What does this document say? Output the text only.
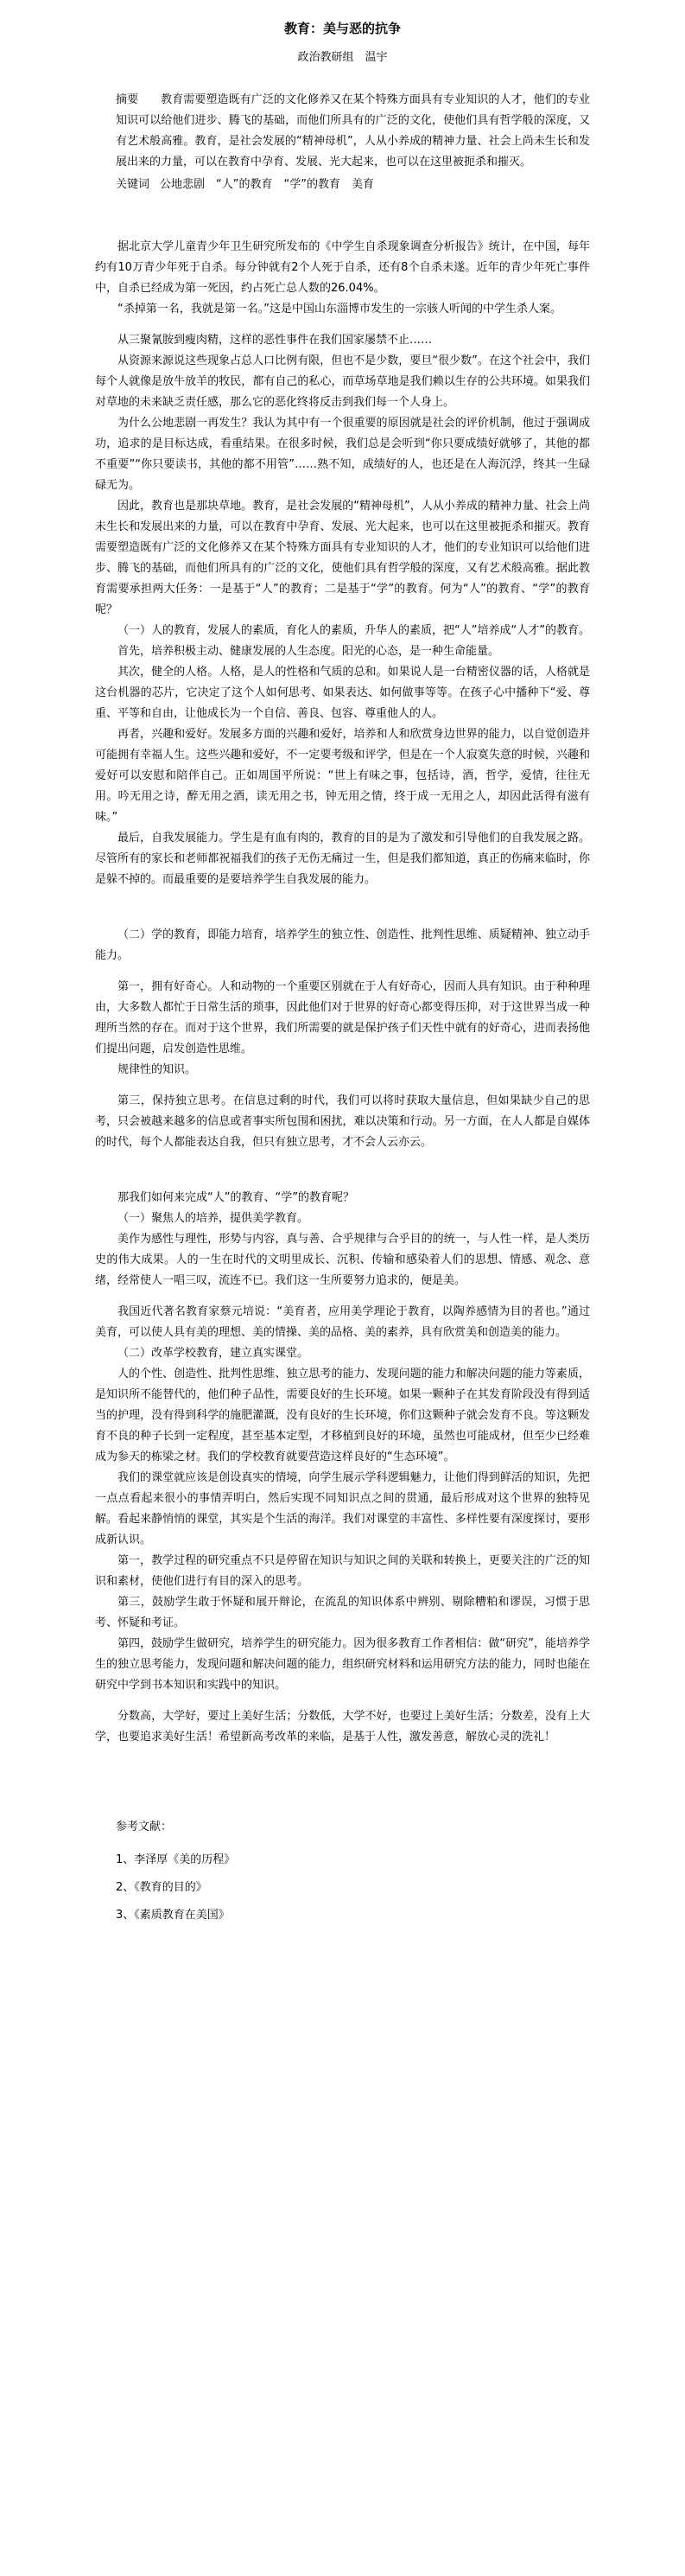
教育：美与恶的抗争
政治教研组　温宇

摘要 教育需要塑造既有广泛的文化修养又在某个特殊方面具有专业知识的人才，他们的专业知识可以给他们进步、腾飞的基础，而他们所具有的广泛的文化，使他们具有哲学般的深度，又有艺术般高雅。教育，是社会发展的“精神母机”，人从小养成的精神力量、社会上尚未生长和发展出来的力量，可以在教育中孕育、发展、光大起来，也可以在这里被扼杀和摧灭。

关键词 公地悲剧　“人”的教育　“学”的教育　美育

据北京大学儿童青少年卫生研究所发布的《中学生自杀现象调查分析报告》统计，在中国，每年约有10万青少年死于自杀。每分钟就有2个人死于自杀，还有8个自杀未遂。近年的青少年死亡事件中，自杀已经成为第一死因，约占死亡总人数的26.04%。

“杀掉第一名，我就是第一名。”这是中国山东淄博市发生的一宗骇人听闻的中学生杀人案。

从三聚氰胺到瘦肉精，这样的恶性事件在我们国家屡禁不止……

从资源来源说这些现象占总人口比例有限，但也不是少数，要旦“很少数”。在这个社会中，我们每个人就像是放牛放羊的牧民，都有自己的私心，而草场草地是我们赖以生存的公共环境。如果我们对草地的未来缺乏责任感，那么它的恶化终将反击到我们每一个人身上。

为什么公地悲剧一再发生？我认为其中有一个很重要的原因就是社会的评价机制，他过于强调成功，追求的是目标达成，看重结果。在很多时候，我们总是会听到“你只要成绩好就够了，其他的都不重要”“你只要读书，其他的都不用管”……熟不知，成绩好的人，也还是在人海沉浮，终其一生碌碌无为。

因此，教育也是那块草地。教育，是社会发展的“精神母机”，人从小养成的精神力量、社会上尚未生长和发展出来的力量，可以在教育中孕育、发展、光大起来，也可以在这里被扼杀和摧灭。教育需要塑造既有广泛的文化修养又在某个特殊方面具有专业知识的人才，他们的专业知识可以给他们进步、腾飞的基础，而他们所具有的广泛的文化，使他们具有哲学般的深度，又有艺术般高雅。据此教育需要承担两大任务：一是基于“人”的教育；二是基于“学”的教育。何为“人”的教育、“学”的教育呢？

（一）人的教育，发展人的素质，育化人的素质，升华人的素质，把“人”培养成“人才”的教育。

首先，培养积极主动、健康发展的人生态度。阳光的心态，是一种生命能量。

其次，健全的人格。人格，是人的性格和气质的总和。如果说人是一台精密仪器的话，人格就是这台机器的芯片，它决定了这个人如何思考、如果表达、如何做事等等。在孩子心中播种下“爱、尊重、平等和自由，让他成长为一个自信、善良、包容、尊重他人的人。

再者，兴趣和爱好。发展多方面的兴趣和爱好，培养和人和欣赏身边世界的能力，以自觉创造并可能拥有幸福人生。这些兴趣和爱好，不一定要考级和评学，但是在一个人寂寞失意的时候，兴趣和爱好可以安慰和陪伴自己。正如周国平所说：“世上有味之事，包括诗，酒，哲学，爱情，往往无用。吟无用之诗，醉无用之酒，读无用之书，钟无用之情，终于成一无用之人，却因此活得有滋有味。”

最后，自我发展能力。学生是有血有肉的，教育的目的是为了激发和引导他们的自我发展之路。尽管所有的家长和老师都祝福我们的孩子无伤无痛过一生，但是我们都知道，真正的伤痛来临时，你是躲不掉的。而最重要的是要培养学生自我发展的能力。

（二）学的教育，即能力培育，培养学生的独立性、创造性、批判性思维、质疑精神、独立动手能力。

第一，拥有好奇心。人和动物的一个重要区别就在于人有好奇心，因而人具有知识。由于种种理由，大多数人都忙于日常生活的琐事，因此他们对于世界的好奇心都变得压抑，对于这世界当成一种理所当然的存在。而对于这个世界，我们所需要的就是保护孩子们天性中就有的好奇心，进而表扬他们提出问题，启发创造性思维。

规律性的知识。

第三，保持独立思考。在信息过剩的时代，我们可以将时获取大量信息，但如果缺少自己的思考，只会被越来越多的信息或者事实所包围和困扰，难以决策和行动。另一方面，在人人都是自媒体的时代，每个人都能表达自我，但只有独立思考，才不会人云亦云。

那我们如何来完成“人”的教育、“学”的教育呢？

（一）聚焦人的培养，提供美学教育。

美作为感性与理性，形势与内容，真与善、合乎规律与合乎目的的统一，与人性一样，是人类历史的伟大成果。人的一生在时代的文明里成长、沉积、传输和感染着人们的思想、情感、观念、意绪，经常使人一唱三叹，流连不已。我们这一生所要努力追求的，便是美。

我国近代著名教育家蔡元培说：“美育者，应用美学理论于教育，以陶养感情为目的者也。”通过美育，可以使人具有美的理想、美的情操、美的品格、美的素养，具有欣赏美和创造美的能力。

（二）改革学校教育，建立真实课堂。

人的个性、创造性、批判性思维、独立思考的能力、发现问题的能力和解决问题的能力等素质，是知识所不能替代的，他们种子品性，需要良好的生长环境。如果一颗种子在其发育阶段没有得到适当的护理，没有得到科学的施肥灌溉，没有良好的生长环境，你们这颗种子就会发育不良。等这颗发育不良的种子长到一定程度，甚至基本定型，才移植到良好的环境，虽然也可能成材，但至少已经难成为参天的栋梁之材。我们的学校教育就要营造这样良好的“生态环境”。

我们的课堂就应该是创设真实的情境，向学生展示学科逻辑魅力，让他们得到鲜活的知识，先把一点点看起来很小的事情弄明白，然后实现不同知识点之间的贯通，最后形成对这个世界的独特见解。看起来静悄悄的课堂，其实是个生活的海洋。我们对课堂的丰富性、多样性要有深度探讨，要形成新认识。

第一，教学过程的研究重点不只是停留在知识与知识之间的关联和转换上，更要关注的广泛的知识和素材，使他们进行有目的深入的思考。

第三，鼓励学生敢于怀疑和展开辩论，在流乱的知识体系中辨别、剔除糟粕和谬误，习惯于思考、怀疑和考证。

第四，鼓励学生做研究，培养学生的研究能力。因为很多教育工作者相信：做“研究”，能培养学生的独立思考能力，发现问题和解决问题的能力，组织研究材料和运用研究方法的能力，同时也能在研究中学到书本知识和实践中的知识。

分数高，大学好，要过上美好生活；分数低，大学不好，也要过上美好生活；分数差，没有上大学，也要追求美好生活！希望新高考改革的来临，是基于人性，激发善意，解放心灵的洗礼！

参考文献：
1、李泽厚《美的历程》
2、《教育的目的》
3、《素质教育在美国》
